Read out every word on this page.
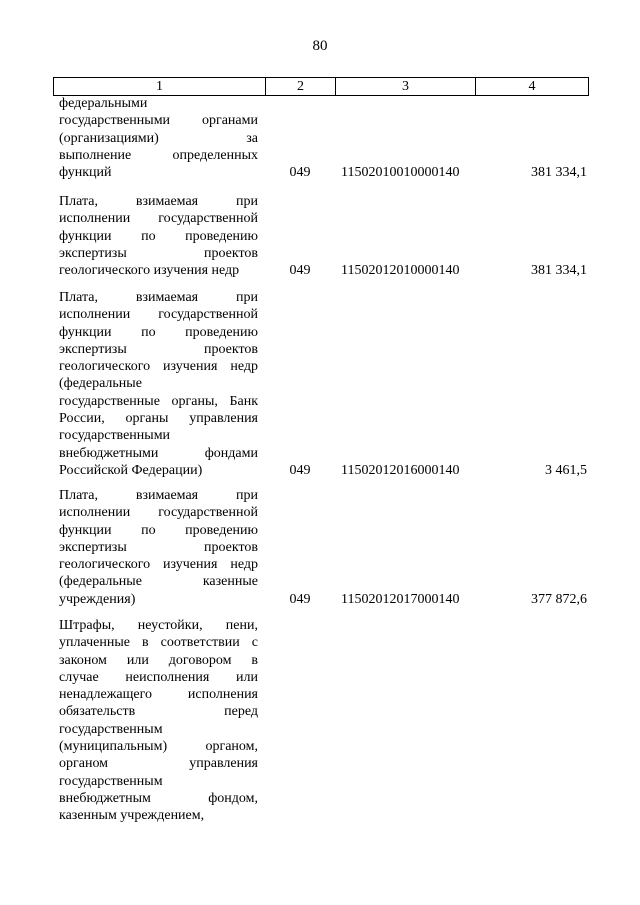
80
1	2	3	4
федеральными
государственными органами
(организациями) за
выполнение определенных
функций	049	11502010010000140	381 334,1
Плата, взимаемая при
исполнении государственной
функции по проведению
экспертизы проектов
геологического изучения недр	049	11502012010000140	381 334,1
Плата, взимаемая при
исполнении государственной
функции по проведению
экспертизы проектов
геологического изучения недр
(федеральные
государственные органы, Банк
России, органы управления
государственными
внебюджетными фондами
Российской Федерации)	049	11502012016000140	3 461,5
Плата, взимаемая при
исполнении государственной
функции по проведению
экспертизы проектов
геологического изучения недр
(федеральные казенные
учреждения)	049	11502012017000140	377 872,6
Штрафы, неустойки, пени,
уплаченные в соответствии с
законом или договором в
случае неисполнения или
ненадлежащего исполнения
обязательств перед
государственным
(муниципальным) органом,
органом управления
государственным
внебюджетным фондом,
казенным учреждением,
